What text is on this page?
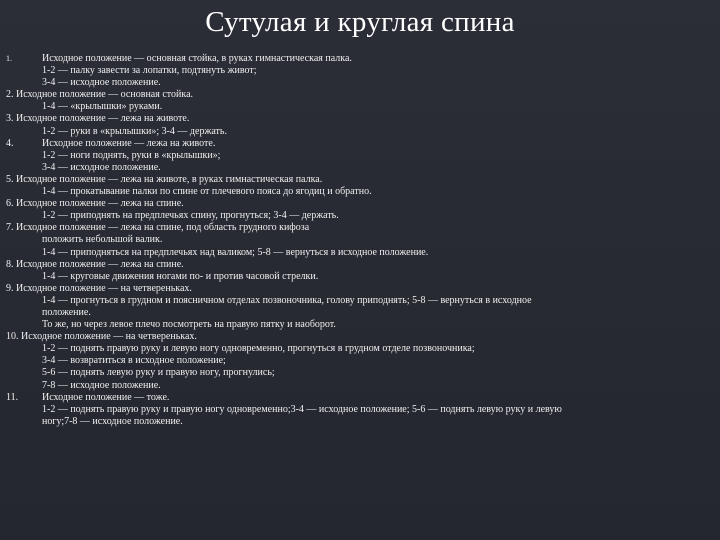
Сутулая и круглая спина
1.	Исходное положение — основная стойка, в руках гимнастическая палка.
1-2 — палку завести за лопатки, подтянуть живот;
3-4 — исходное положение.
2. Исходное положение — основная стойка.
1-4 — «крылышки» руками.
3. Исходное положение — лежа на животе.
1-2 — руки в «крылышки»; 3-4 — держать.
4.	Исходное положение — лежа на животе.
1-2 — ноги поднять, руки в «крылышки»;
3-4 — исходное положение.
5. Исходное положение — лежа на животе, в руках гимнастическая палка.
1-4 — прокатывание палки по спине от плечевого пояса до ягодиц и обратно.
6. Исходное положение — лежа на спине.
1-2 — приподнять на предплечьях спину, прогнуться; 3-4 — держать.
7. Исходное положение — лежа на спине, под область грудного кифоза
положить небольшой валик.
1-4 — приподняться на предплечьях над валиком; 5-8 — вернуться в исходное положение.
8. Исходное положение — лежа на спине.
1-4 — круговые движения ногами по- и против часовой стрелки.
9. Исходное положение — на четвереньках.
1-4 — прогнуться в грудном и поясничном отделах позвоночника, голову приподнять; 5-8 — вернуться в исходное
положение.
То же, но через левое плечо посмотреть на правую пятку и наоборот.
10. Исходное положение — на четвереньках.
1-2 — поднять правую руку и левую ногу одновременно, прогнуться в грудном отделе позвоночника;
3-4 — возвратиться в исходное положение;
5-6 — поднять левую руку и правую ногу, прогнулись;
7-8 — исходное положение.
11.	Исходное положение — тоже.
1-2 — поднять правую руку и правую ногу одновременно;3-4 — исходное положение; 5-6 — поднять левую руку и левую
ногу;7-8 — исходное положение.
